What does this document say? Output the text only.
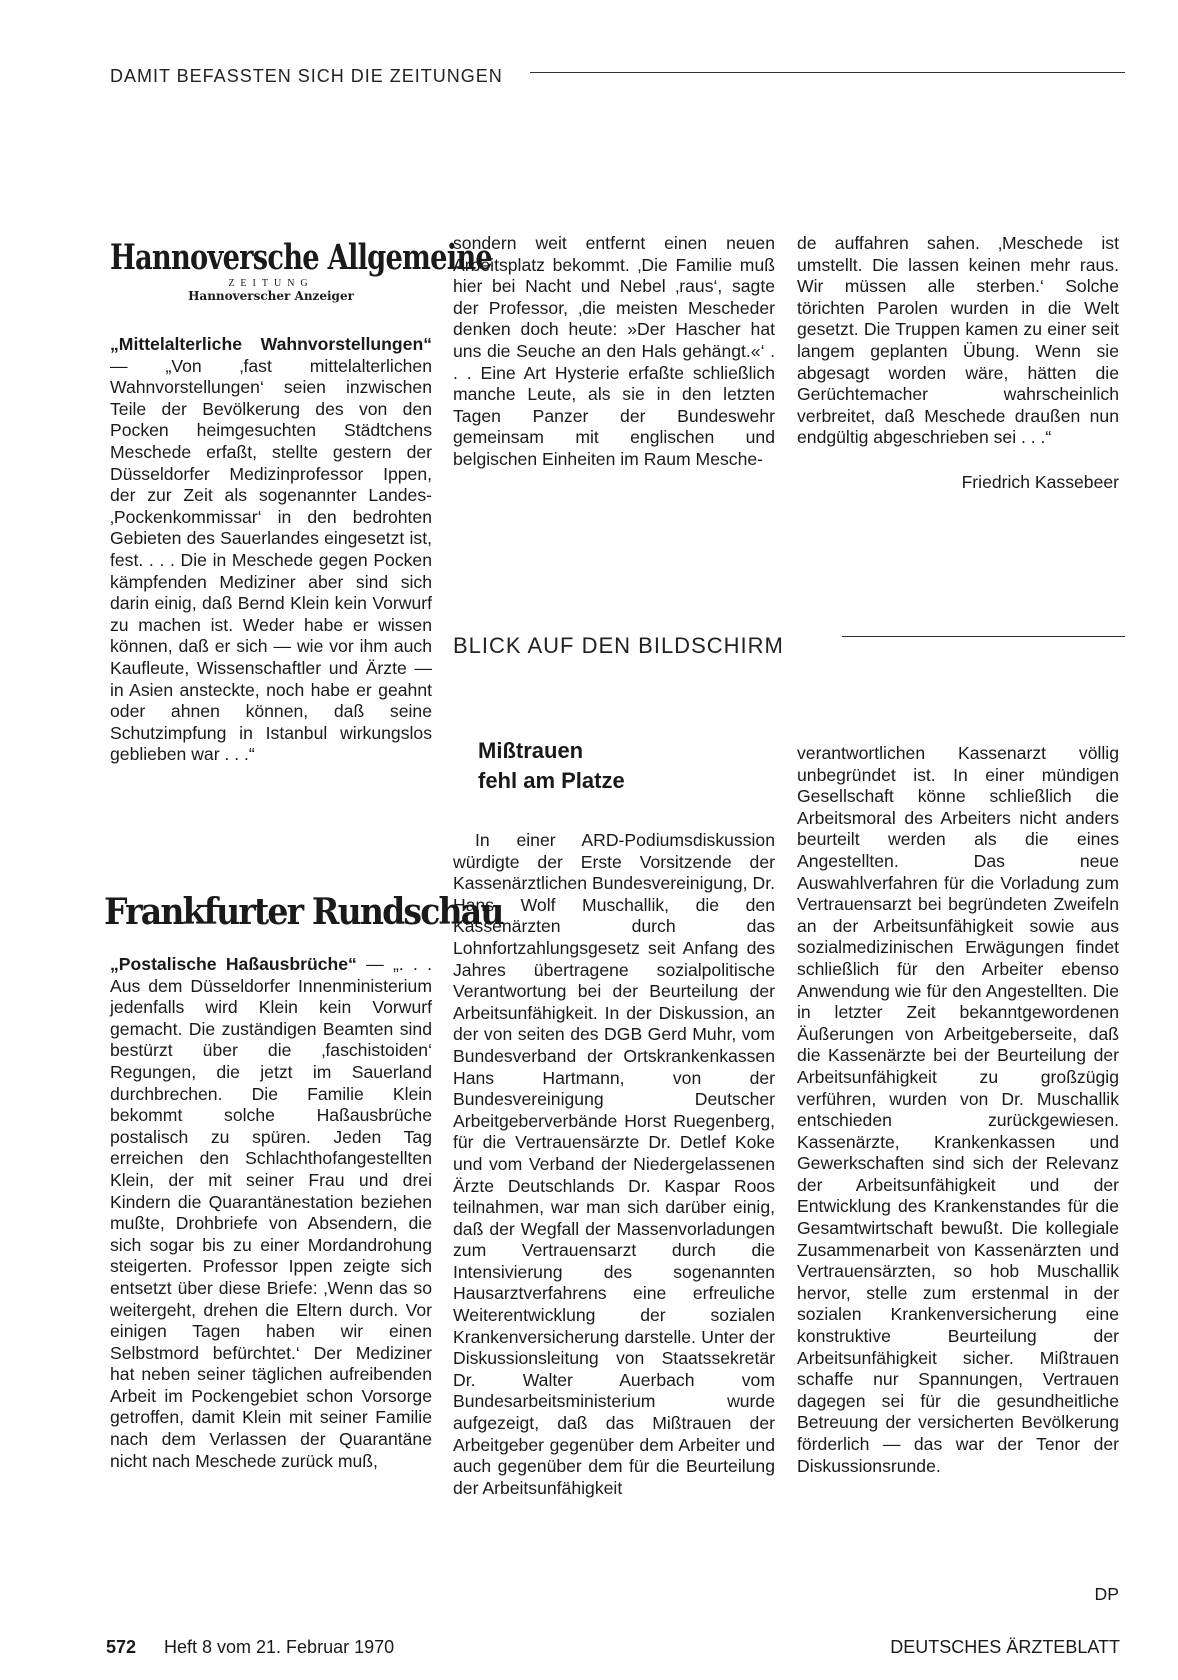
DAMIT BEFASSTEN SICH DIE ZEITUNGEN
Hannoversche Allgemeine
ZEITUNG
Hannoverscher Anzeiger
„Mittelalterliche Wahnvorstellungen“ — „Von ‚fast mittelalterlichen Wahnvorstellungen‘ seien inzwischen Teile der Bevölkerung des von den Pocken heimgesuchten Städtchens Meschede erfaßt, stellte gestern der Düsseldorfer Medizinprofessor Ippen, der zur Zeit als sogenannter Landes-‚Pockenkommissar‘ in den bedrohten Gebieten des Sauerlandes eingesetzt ist, fest. . . . Die in Meschede gegen Pocken kämpfenden Mediziner aber sind sich darin einig, daß Bernd Klein kein Vorwurf zu machen ist. Weder habe er wissen können, daß er sich — wie vor ihm auch Kaufleute, Wissenschaftler und Ärzte — in Asien ansteckte, noch habe er geahnt oder ahnen können, daß seine Schutzimpfung in Istanbul wirkungslos geblieben war . . .“
sondern weit entfernt einen neuen Arbeitsplatz bekommt. ‚Die Familie muß hier bei Nacht und Nebel ‚raus‘, sagte der Professor, ‚die meisten Mescheder denken doch heute: »Der Hascher hat uns die Seuche an den Hals gehängt.«‘ . . . Eine Art Hysterie erfaßte schließlich manche Leute, als sie in den letzten Tagen Panzer der Bundeswehr gemeinsam mit englischen und belgischen Einheiten im Raum Mesche-
de auffahren sahen. ‚Meschede ist umstellt. Die lassen keinen mehr raus. Wir müssen alle sterben.‘ Solche törichten Parolen wurden in die Welt gesetzt. Die Truppen kamen zu einer seit langem geplanten Übung. Wenn sie abgesagt worden wäre, hätten die Gerüchtemacher wahrscheinlich verbreitet, daß Meschede draußen nun endgültig abgeschrieben sei . . .“
Friedrich Kassebeer
Frankfurter Rundschau
„Postalische Haßausbrüche“ — „. . . Aus dem Düsseldorfer Innenministerium jedenfalls wird Klein kein Vorwurf gemacht. Die zuständigen Beamten sind bestürzt über die ‚faschistoiden‘ Regungen, die jetzt im Sauerland durchbrechen. Die Familie Klein bekommt solche Haßausbrüche postalisch zu spüren. Jeden Tag erreichen den Schlachthofangestellten Klein, der mit seiner Frau und drei Kindern die Quarantänestation beziehen mußte, Drohbriefe von Absendern, die sich sogar bis zu einer Mordandrohung steigerten. Professor Ippen zeigte sich entsetzt über diese Briefe: ‚Wenn das so weitergeht, drehen die Eltern durch. Vor einigen Tagen haben wir einen Selbstmord befürchtet.‘ Der Mediziner hat neben seiner täglichen aufreibenden Arbeit im Pockengebiet schon Vorsorge getroffen, damit Klein mit seiner Familie nach dem Verlassen der Quarantäne nicht nach Meschede zurück muß,
BLICK AUF DEN BILDSCHIRM
Mißtrauen
fehl am Platze
In einer ARD-Podiumsdiskussion würdigte der Erste Vorsitzende der Kassenärztlichen Bundesvereinigung, Dr. Hans Wolf Muschallik, die den Kassenärzten durch das Lohnfortzahlungsgesetz seit Anfang des Jahres übertragene sozialpolitische Verantwortung bei der Beurteilung der Arbeitsunfähigkeit. In der Diskussion, an der von seiten des DGB Gerd Muhr, vom Bundesverband der Ortskrankenkassen Hans Hartmann, von der Bundesvereinigung Deutscher Arbeitgeberverbände Horst Ruegenberg, für die Vertrauensärzte Dr. Detlef Koke und vom Verband der Niedergelassenen Ärzte Deutschlands Dr. Kaspar Roos teilnahmen, war man sich darüber einig, daß der Wegfall der Massenvorladungen zum Vertrauensarzt durch die Intensivierung des sogenannten Hausarztverfahrens eine erfreuliche Weiterentwicklung der sozialen Krankenversicherung darstelle. Unter der Diskussionsleitung von Staatssekretär Dr. Walter Auerbach vom Bundesarbeitsministerium wurde aufgezeigt, daß das Mißtrauen der Arbeitgeber gegenüber dem Arbeiter und auch gegenüber dem für die Beurteilung der Arbeitsunfähigkeit
verantwortlichen Kassenarzt völlig unbegründet ist. In einer mündigen Gesellschaft könne schließlich die Arbeitsmoral des Arbeiters nicht anders beurteilt werden als die eines Angestellten. Das neue Auswahlverfahren für die Vorladung zum Vertrauensarzt bei begründeten Zweifeln an der Arbeitsunfähigkeit sowie aus sozialmedizinischen Erwägungen findet schließlich für den Arbeiter ebenso Anwendung wie für den Angestellten. Die in letzter Zeit bekanntgewordenen Äußerungen von Arbeitgeberseite, daß die Kassenärzte bei der Beurteilung der Arbeitsunfähigkeit zu großzügig verführen, wurden von Dr. Muschallik entschieden zurückgewiesen. Kassenärzte, Krankenkassen und Gewerkschaften sind sich der Relevanz der Arbeitsunfähigkeit und der Entwicklung des Krankenstandes für die Gesamtwirtschaft bewußt. Die kollegiale Zusammenarbeit von Kassenärzten und Vertrauensärzten, so hob Muschallik hervor, stelle zum erstenmal in der sozialen Krankenversicherung eine konstruktive Beurteilung der Arbeitsunfähigkeit sicher. Mißtrauen schaffe nur Spannungen, Vertrauen dagegen sei für die gesundheitliche Betreuung der versicherten Bevölkerung förderlich — das war der Tenor der Diskussionsrunde.
DP
572 Heft 8 vom 21. Februar 1970	DEUTSCHES ÄRZTEBLATT
